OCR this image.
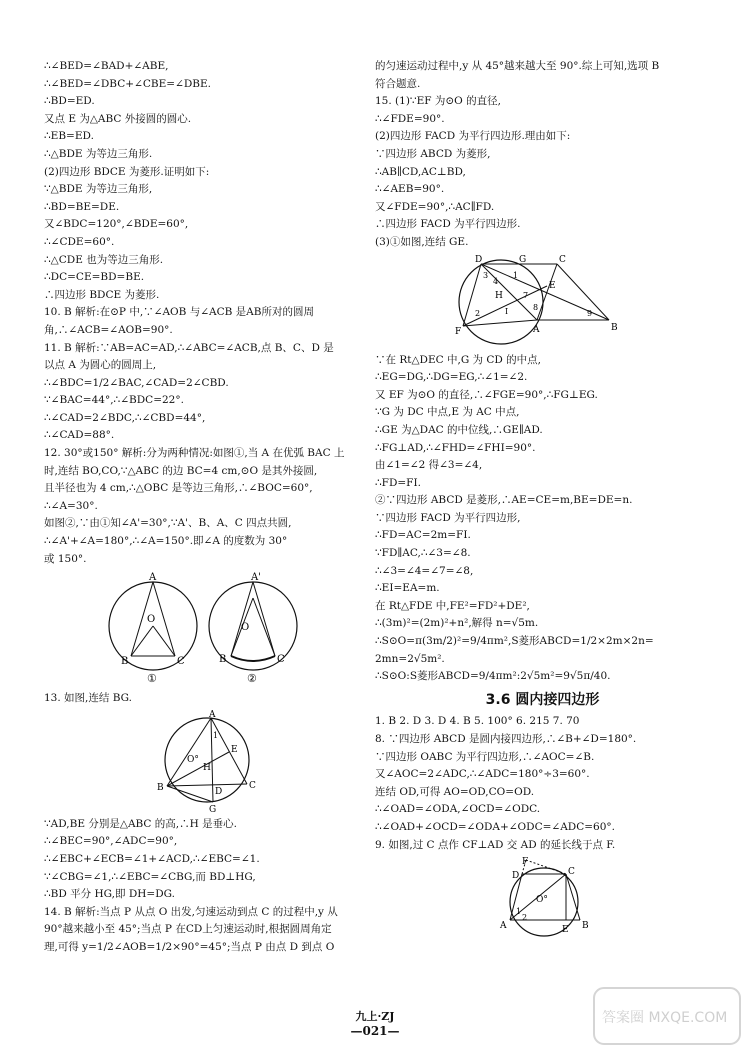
∴∠BED=∠BAD+∠ABE,
∴∠BED=∠DBC+∠CBE=∠DBE.
∴BD=ED.
又点 E 为△ABC 外接圆的圆心.
∴EB=ED.
∴△BDE 为等边三角形.
(2)四边形 BDCE 为菱形.证明如下:
∵△BDE 为等边三角形,
∴BD=BE=DE.
又∠BDC=120°,∠BDE=60°,
∴∠CDE=60°.
∴△CDE 也为等边三角形.
∴DC=CE=BD=BE.
∴四边形 BDCE 为菱形.
10. B 解析:在⊙P 中,∵∠AOB 与∠ACB 是AB所对的圆周
角,∴∠ACB=∠AOB=90°.
11. B 解析:∵AB=AC=AD,∴∠ABC=∠ACB,点 B、C、D 是
以点 A 为圆心的圆周上,
∴∠BDC=1/2∠BAC,∠CAD=2∠CBD.
∵∠BAC=44°,∴∠BDC=22°.
∴∠CAD=2∠BDC,∴∠CBD=44°,
∴∠CAD=88°.
12. 30°或150° 解析:分为两种情况:如图①,当 A 在优弧 BAC 上
时,连结 BO,CO,∵△ABC 的边 BC=4 cm,⊙O 是其外接圆,
且半径也为 4 cm,∴△OBC 是等边三角形,∴∠BOC=60°,
∴∠A=30°.
如图②,∵由①知∠A'=30°,∵A'、B、A、C 四点共圆,
∴∠A'+∠A=180°,∴∠A=150°.即∠A 的度数为 30°
或 150°.
A
O
B	C
①
A'
O
B	C
②
13. 如图,连结 BG.
A
E
O°
H
D
B	C
G
1
∵AD,BE 分别是△ABC 的高,∴H 是垂心.
∴∠BEC=90°,∠ADC=90°,
∴∠EBC+∠ECB=∠1+∠ACD,∴∠EBC=∠1.
∵∠CBG=∠1,∴∠EBC=∠CBG,而 BD⊥HG,
∴BD 平分 HG,即 DH=DG.
14. B 解析:当点 P 从点 O 出发,匀速运动到点 C 的过程中,y 从
90°越来越小至 45°;当点 P 在CD上匀速运动时,根据圆周角定
理,可得 y=1/2∠AOB=1/2×90°=45°;当点 P 由点 D 到点 O
的匀速运动过程中,y 从 45°越来越大至 90°.综上可知,选项 B
符合题意.
15. (1)∵EF 为⊙O 的直径,
∴∠FDE=90°.
(2)四边形 FACD 为平行四边形.理由如下:
∵四边形 ABCD 为菱形,
∴AB∥CD,AC⊥BD,
∴∠AEB=90°.
又∠FDE=90°,∴AC∥FD.
∴四边形 FACD 为平行四边形.
(3)①如图,连结 GE.
D	G	C
3
4
H
1
2
E
7
8
9
F	A	B
I
∵在 Rt△DEC 中,G 为 CD 的中点,
∴EG=DG,∴DG=EG,∴∠1=∠2.
又 EF 为⊙O 的直径,∴∠FGE=90°,∴FG⊥EG.
∵G 为 DC 中点,E 为 AC 中点,
∴GE 为△DAC 的中位线,∴GE∥AD.
∴FG⊥AD,∴∠FHD=∠FHI=90°.
由∠1=∠2 得∠3=∠4,
∴FD=FI.
②∵四边形 ABCD 是菱形,∴AE=CE=m,BE=DE=n.
∵四边形 FACD 为平行四边形,
∴FD=AC=2m=FI.
∵FD∥AC,∴∠3=∠8.
∴∠3=∠4=∠7=∠8,
∴EI=EA=m.
在 Rt△FDE 中,FE²=FD²+DE²,
∴(3m)²=(2m)²+n²,解得 n=√5m.
∴S⊙O=π(3m/2)²=9/4πm²,S菱形ABCD=1/2×2m×2n=
2mn=2√5m².
∴S⊙O:S菱形ABCD=9/4πm²:2√5m²=9√5π/40.
3.6 圆内接四边形
1. B 2. D 3. D 4. B 5. 100° 6. 215 7. 70
8. ∵四边形 ABCD 是圆内接四边形,∴∠B+∠D=180°.
∵四边形 OABC 为平行四边形,∴∠AOC=∠B.
又∠AOC=2∠ADC,∴∠ADC=180°÷3=60°.
连结 OD,可得 AO=OD,CO=OD.
∴∠OAD=∠ODA,∠OCD=∠ODC.
∴∠OAD+∠OCD=∠ODA+∠ODC=∠ADC=60°.
9. 如图,过 C 点作 CF⊥AD 交 AD 的延长线于点 F.
F
D	C
1
2
O°
A	E B
九上·ZJ
—021—
答案圈 MXQE.COM
